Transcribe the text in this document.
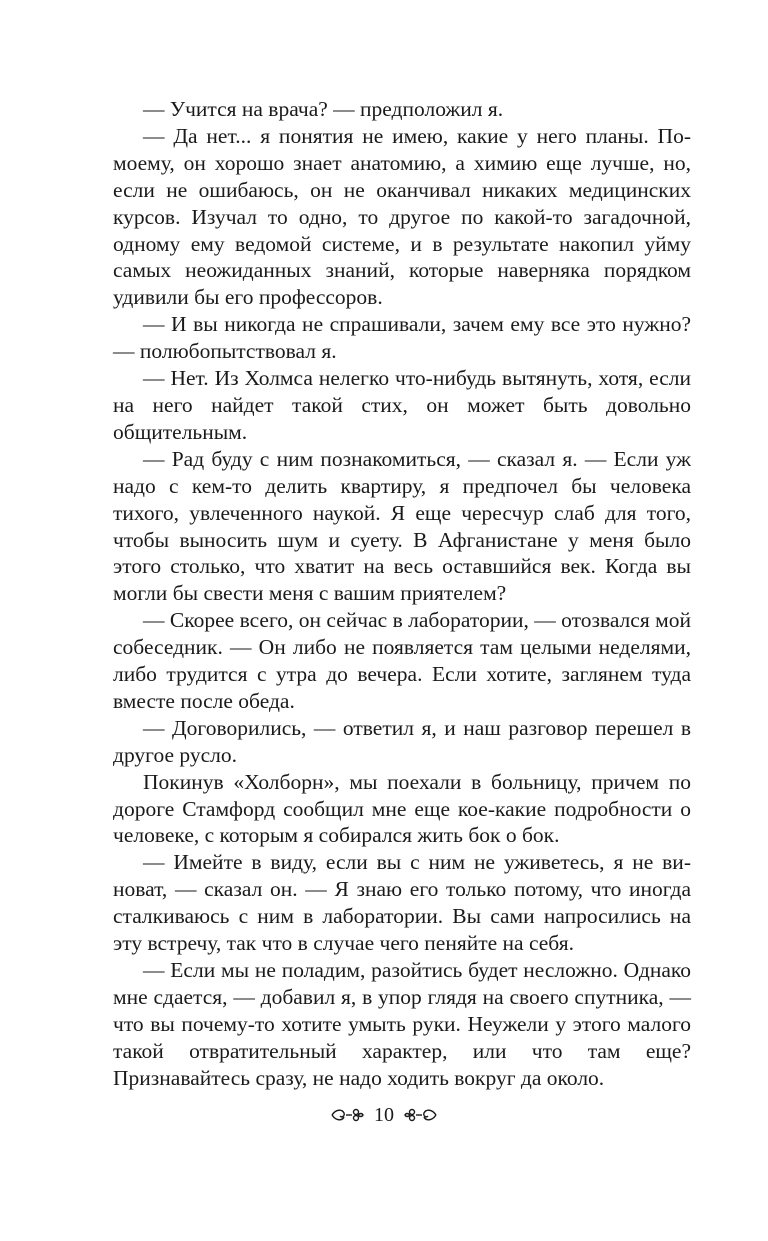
— Учится на врача? — предположил я.

— Да нет... я понятия не имею, какие у него планы. Помоему, он хорошо знает анатомию, а химию еще лучше, но, если не ошибаюсь, он не оканчивал никаких медицинских курсов. Изучал то одно, то другое по какой-то загадочной, одному ему ведомой системе, и в результате накопил уйму самых неожиданных знаний, которые наверняка порядком удивили бы его профессоров.

— И вы никогда не спрашивали, зачем ему все это нужно? — полюбопытствовал я.

— Нет. Из Холмса нелегко что-нибудь вытянуть, хотя, если на него найдет такой стих, он может быть довольно общительным.

— Рад буду с ним познакомиться, — сказал я. — Если уж надо с кем-то делить квартиру, я предпочел бы человека тихого, увлеченного наукой. Я еще чересчур слаб для того, чтобы выносить шум и суету. В Афганистане у меня было этого столько, что хватит на весь оставшийся век. Когда вы могли бы свести меня с вашим приятелем?

— Скорее всего, он сейчас в лаборатории, — отозвался мой собеседник. — Он либо не появляется там целыми неделями, либо трудится с утра до вечера. Если хотите, заглянем туда вместе после обеда.

— Договорились, — ответил я, и наш разговор перешел в другое русло.

Покинув «Холборн», мы поехали в больницу, причем по дороге Стамфорд сообщил мне еще кое-какие подробности о человеке, с которым я собирался жить бок о бок.

— Имейте в виду, если вы с ним не уживетесь, я не виноват, — сказал он. — Я знаю его только потому, что иногда сталкиваюсь с ним в лаборатории. Вы сами напросились на эту встречу, так что в случае чего пеняйте на себя.

— Если мы не поладим, разойтись будет несложно. Однако мне сдается, — добавил я, в упор глядя на своего спутника, — что вы почему-то хотите умыть руки. Неужели у этого малого такой отвратительный характер, или что там еще? Признавайтесь сразу, не надо ходить вокруг да около.

10
